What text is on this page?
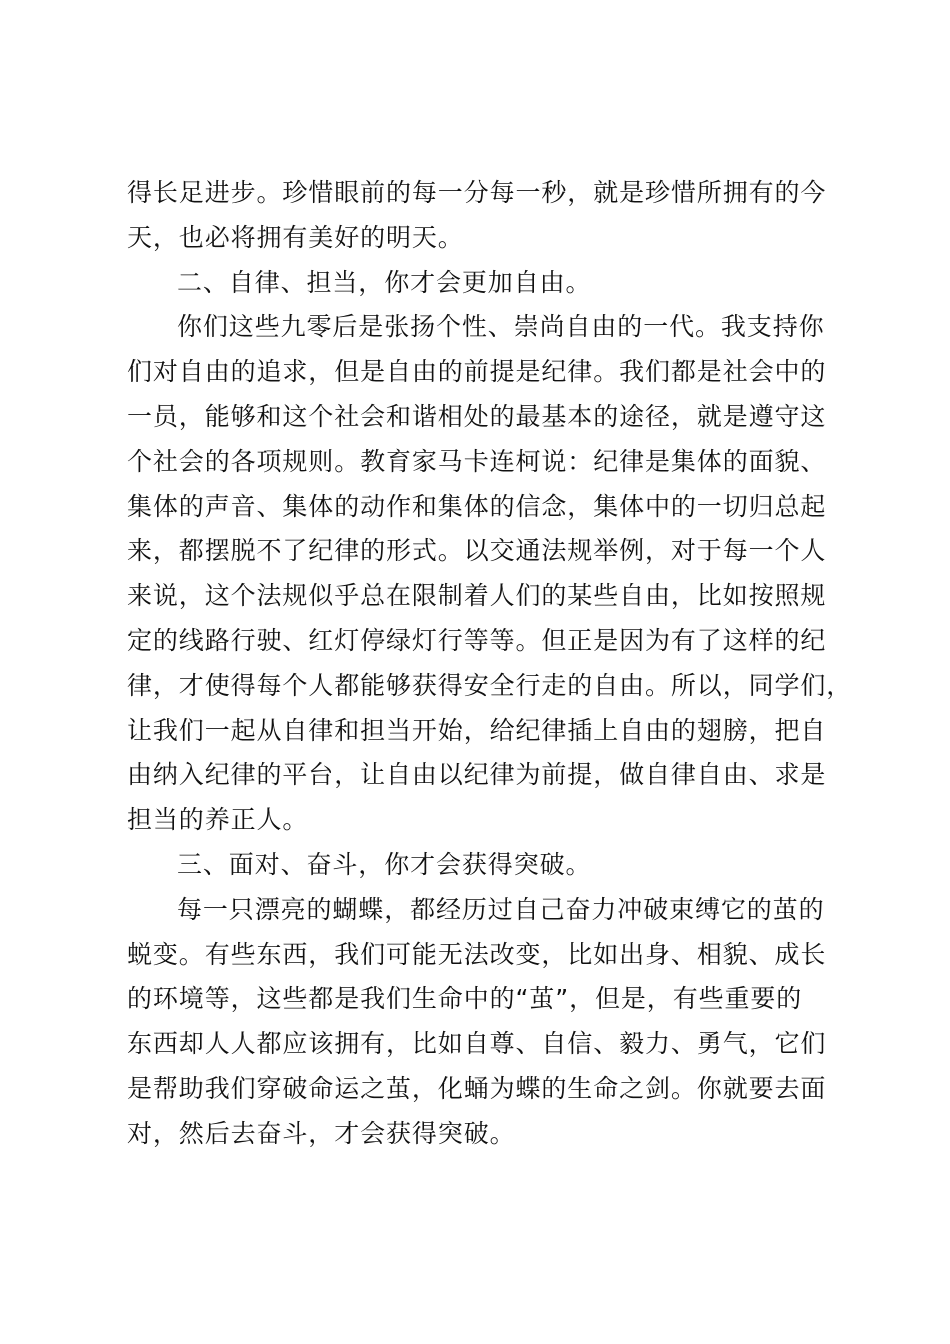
得长足进步。珍惜眼前的每一分每一秒，就是珍惜所拥有的今
天，也必将拥有美好的明天。
二、自律、担当，你才会更加自由。
你们这些九零后是张扬个性、崇尚自由的一代。我支持你
们对自由的追求，但是自由的前提是纪律。我们都是社会中的
一员，能够和这个社会和谐相处的最基本的途径，就是遵守这
个社会的各项规则。教育家马卡连柯说：纪律是集体的面貌、
集体的声音、集体的动作和集体的信念，集体中的一切归总起
来，都摆脱不了纪律的形式。以交通法规举例，对于每一个人
来说，这个法规似乎总在限制着人们的某些自由，比如按照规
定的线路行驶、红灯停绿灯行等等。但正是因为有了这样的纪
律，才使得每个人都能够获得安全行走的自由。所以，同学们，
让我们一起从自律和担当开始，给纪律插上自由的翅膀，把自
由纳入纪律的平台，让自由以纪律为前提，做自律自由、求是
担当的养正人。
三、面对、奋斗，你才会获得突破。
每一只漂亮的蝴蝶，都经历过自己奋力冲破束缚它的茧的
蜕变。有些东西，我们可能无法改变，比如出身、相貌、成长
的环境等，这些都是我们生命中的“茧”，但是，有些重要的
东西却人人都应该拥有，比如自尊、自信、毅力、勇气，它们
是帮助我们穿破命运之茧，化蛹为蝶的生命之剑。你就要去面
对，然后去奋斗，才会获得突破。
